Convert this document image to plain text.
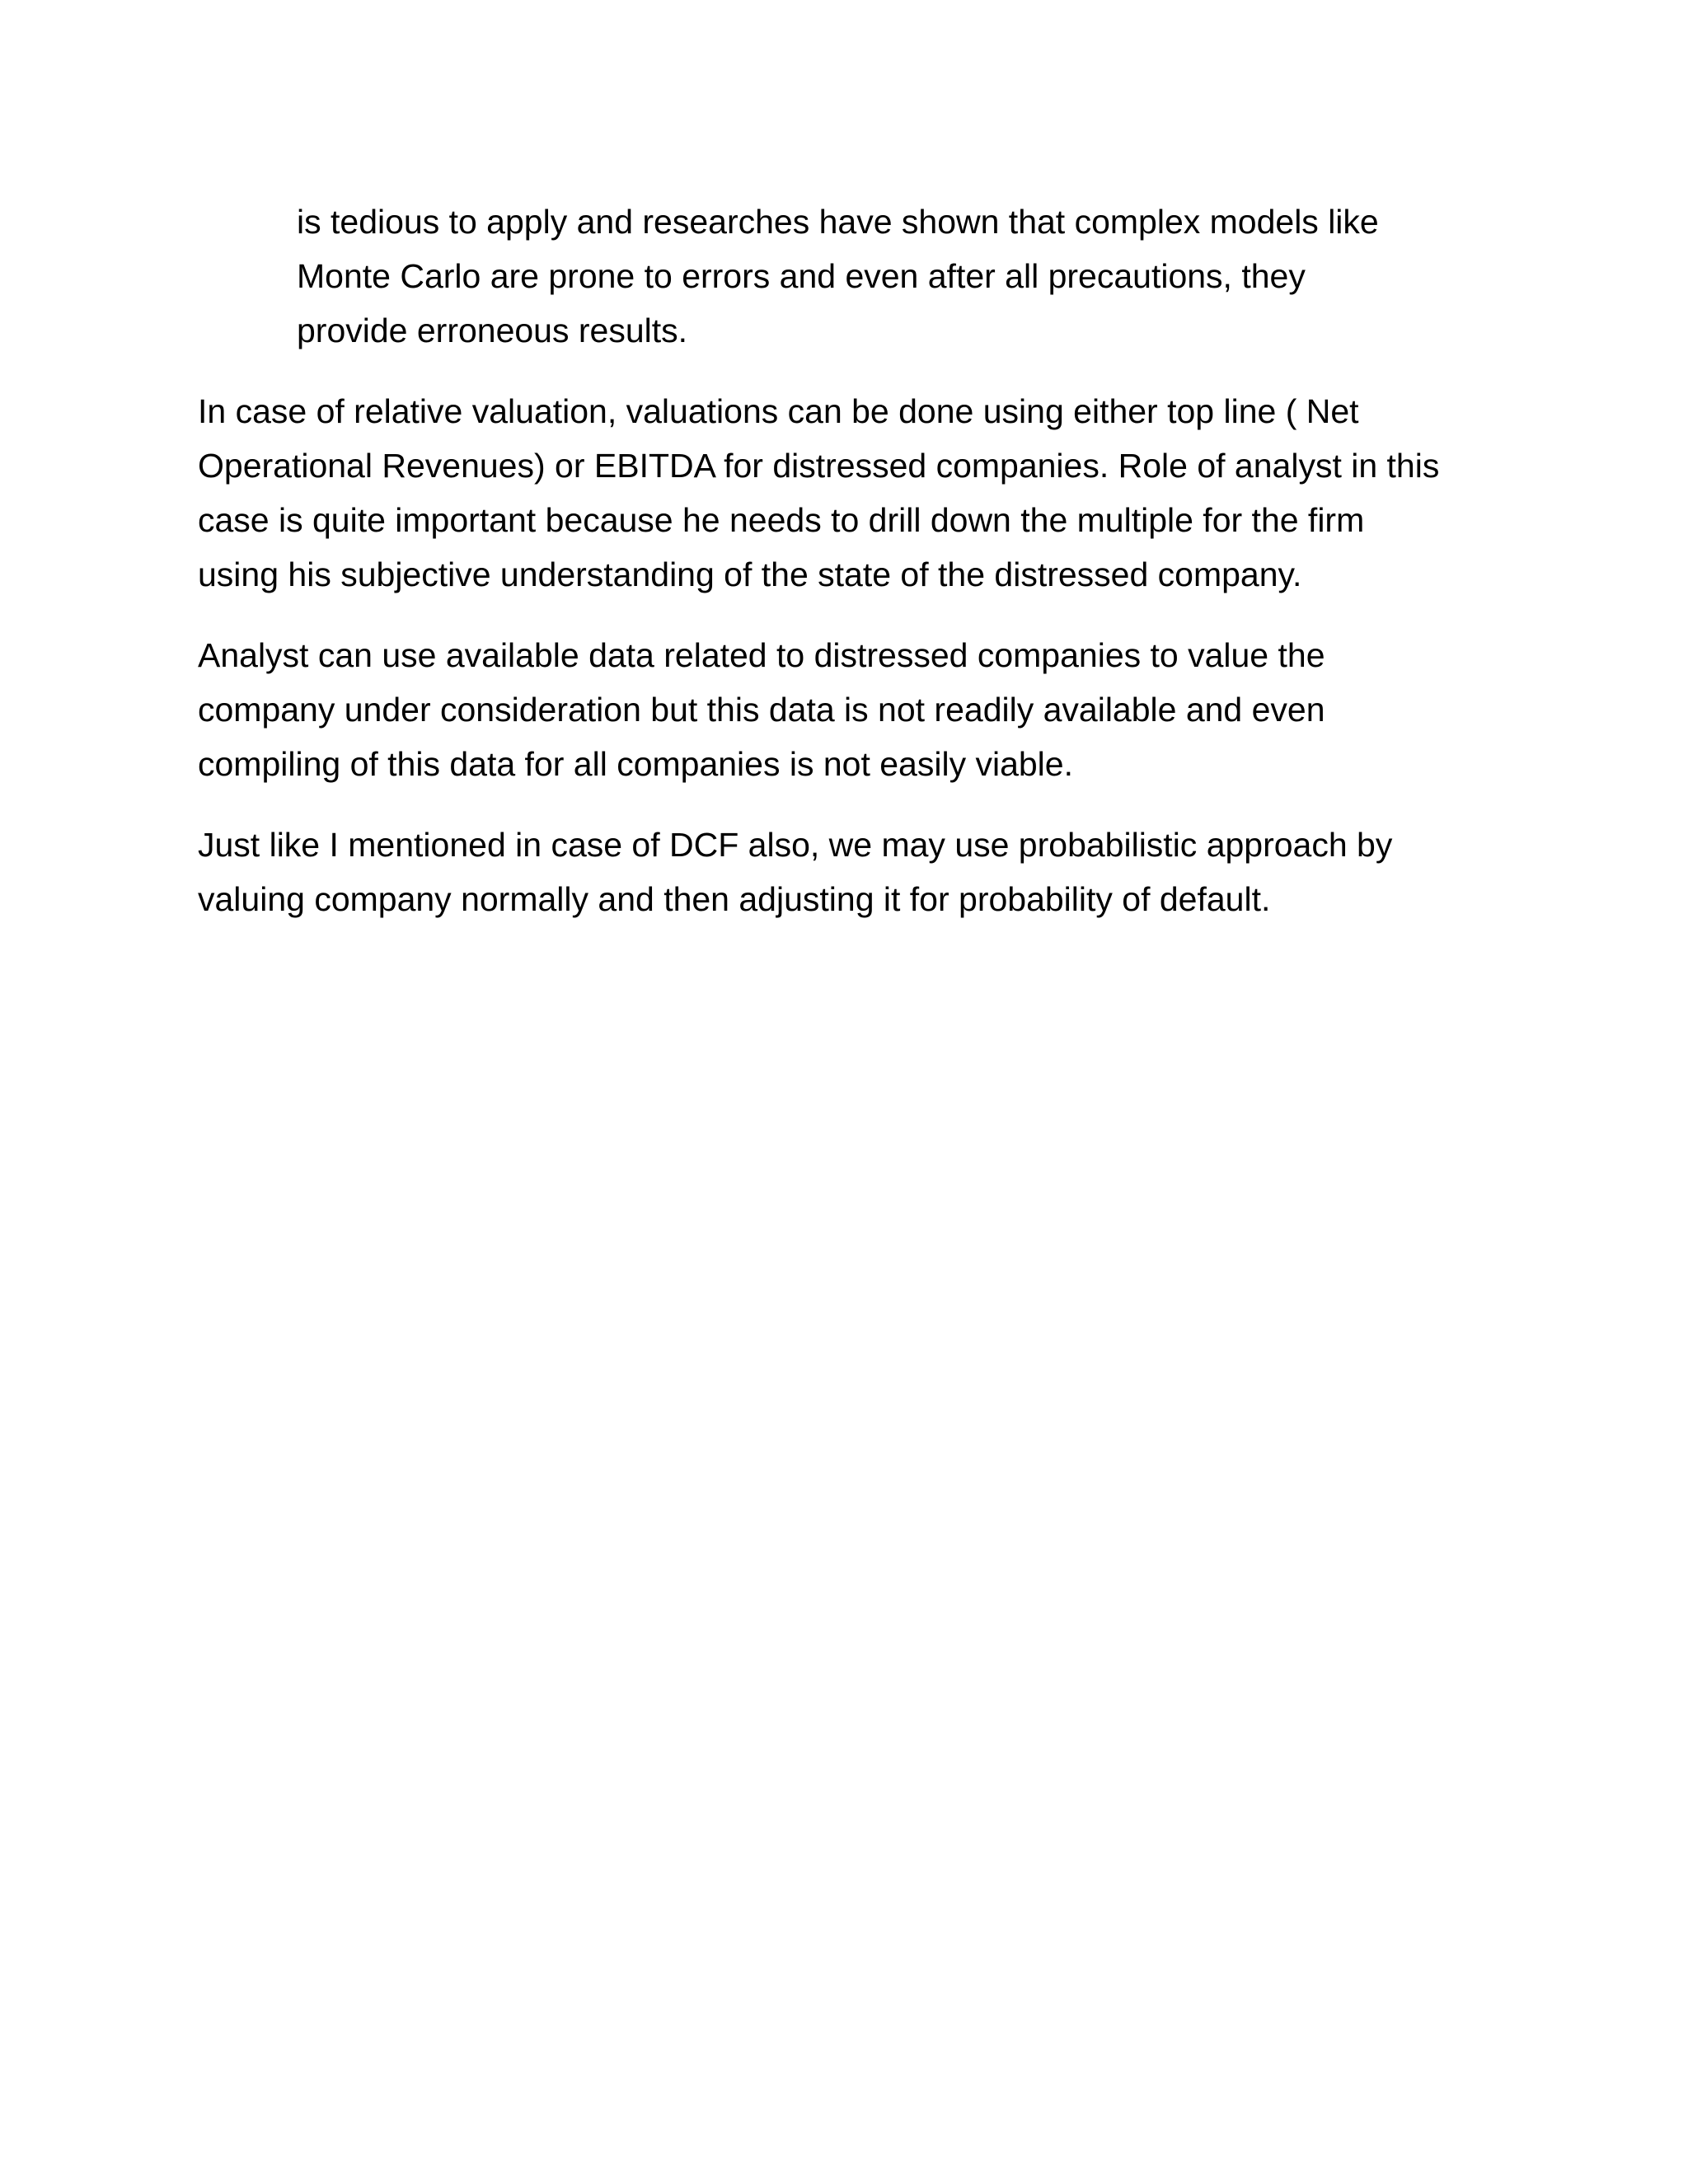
is tedious to apply and researches have shown that complex models like
Monte Carlo are prone to errors and even after all precautions, they
provide erroneous results.

In case of relative valuation, valuations can be done using either top line ( Net
Operational Revenues) or EBITDA for distressed companies. Role of analyst in this
case is quite important because he needs to drill down the multiple for the firm
using his subjective understanding of the state of the distressed company.

Analyst can use available data related to distressed companies to value the
company under consideration but this data is not readily available and even
compiling of this data for all companies is not easily viable.

Just like I mentioned in case of DCF also, we may use probabilistic approach by
valuing company normally and then adjusting it for probability of default.
